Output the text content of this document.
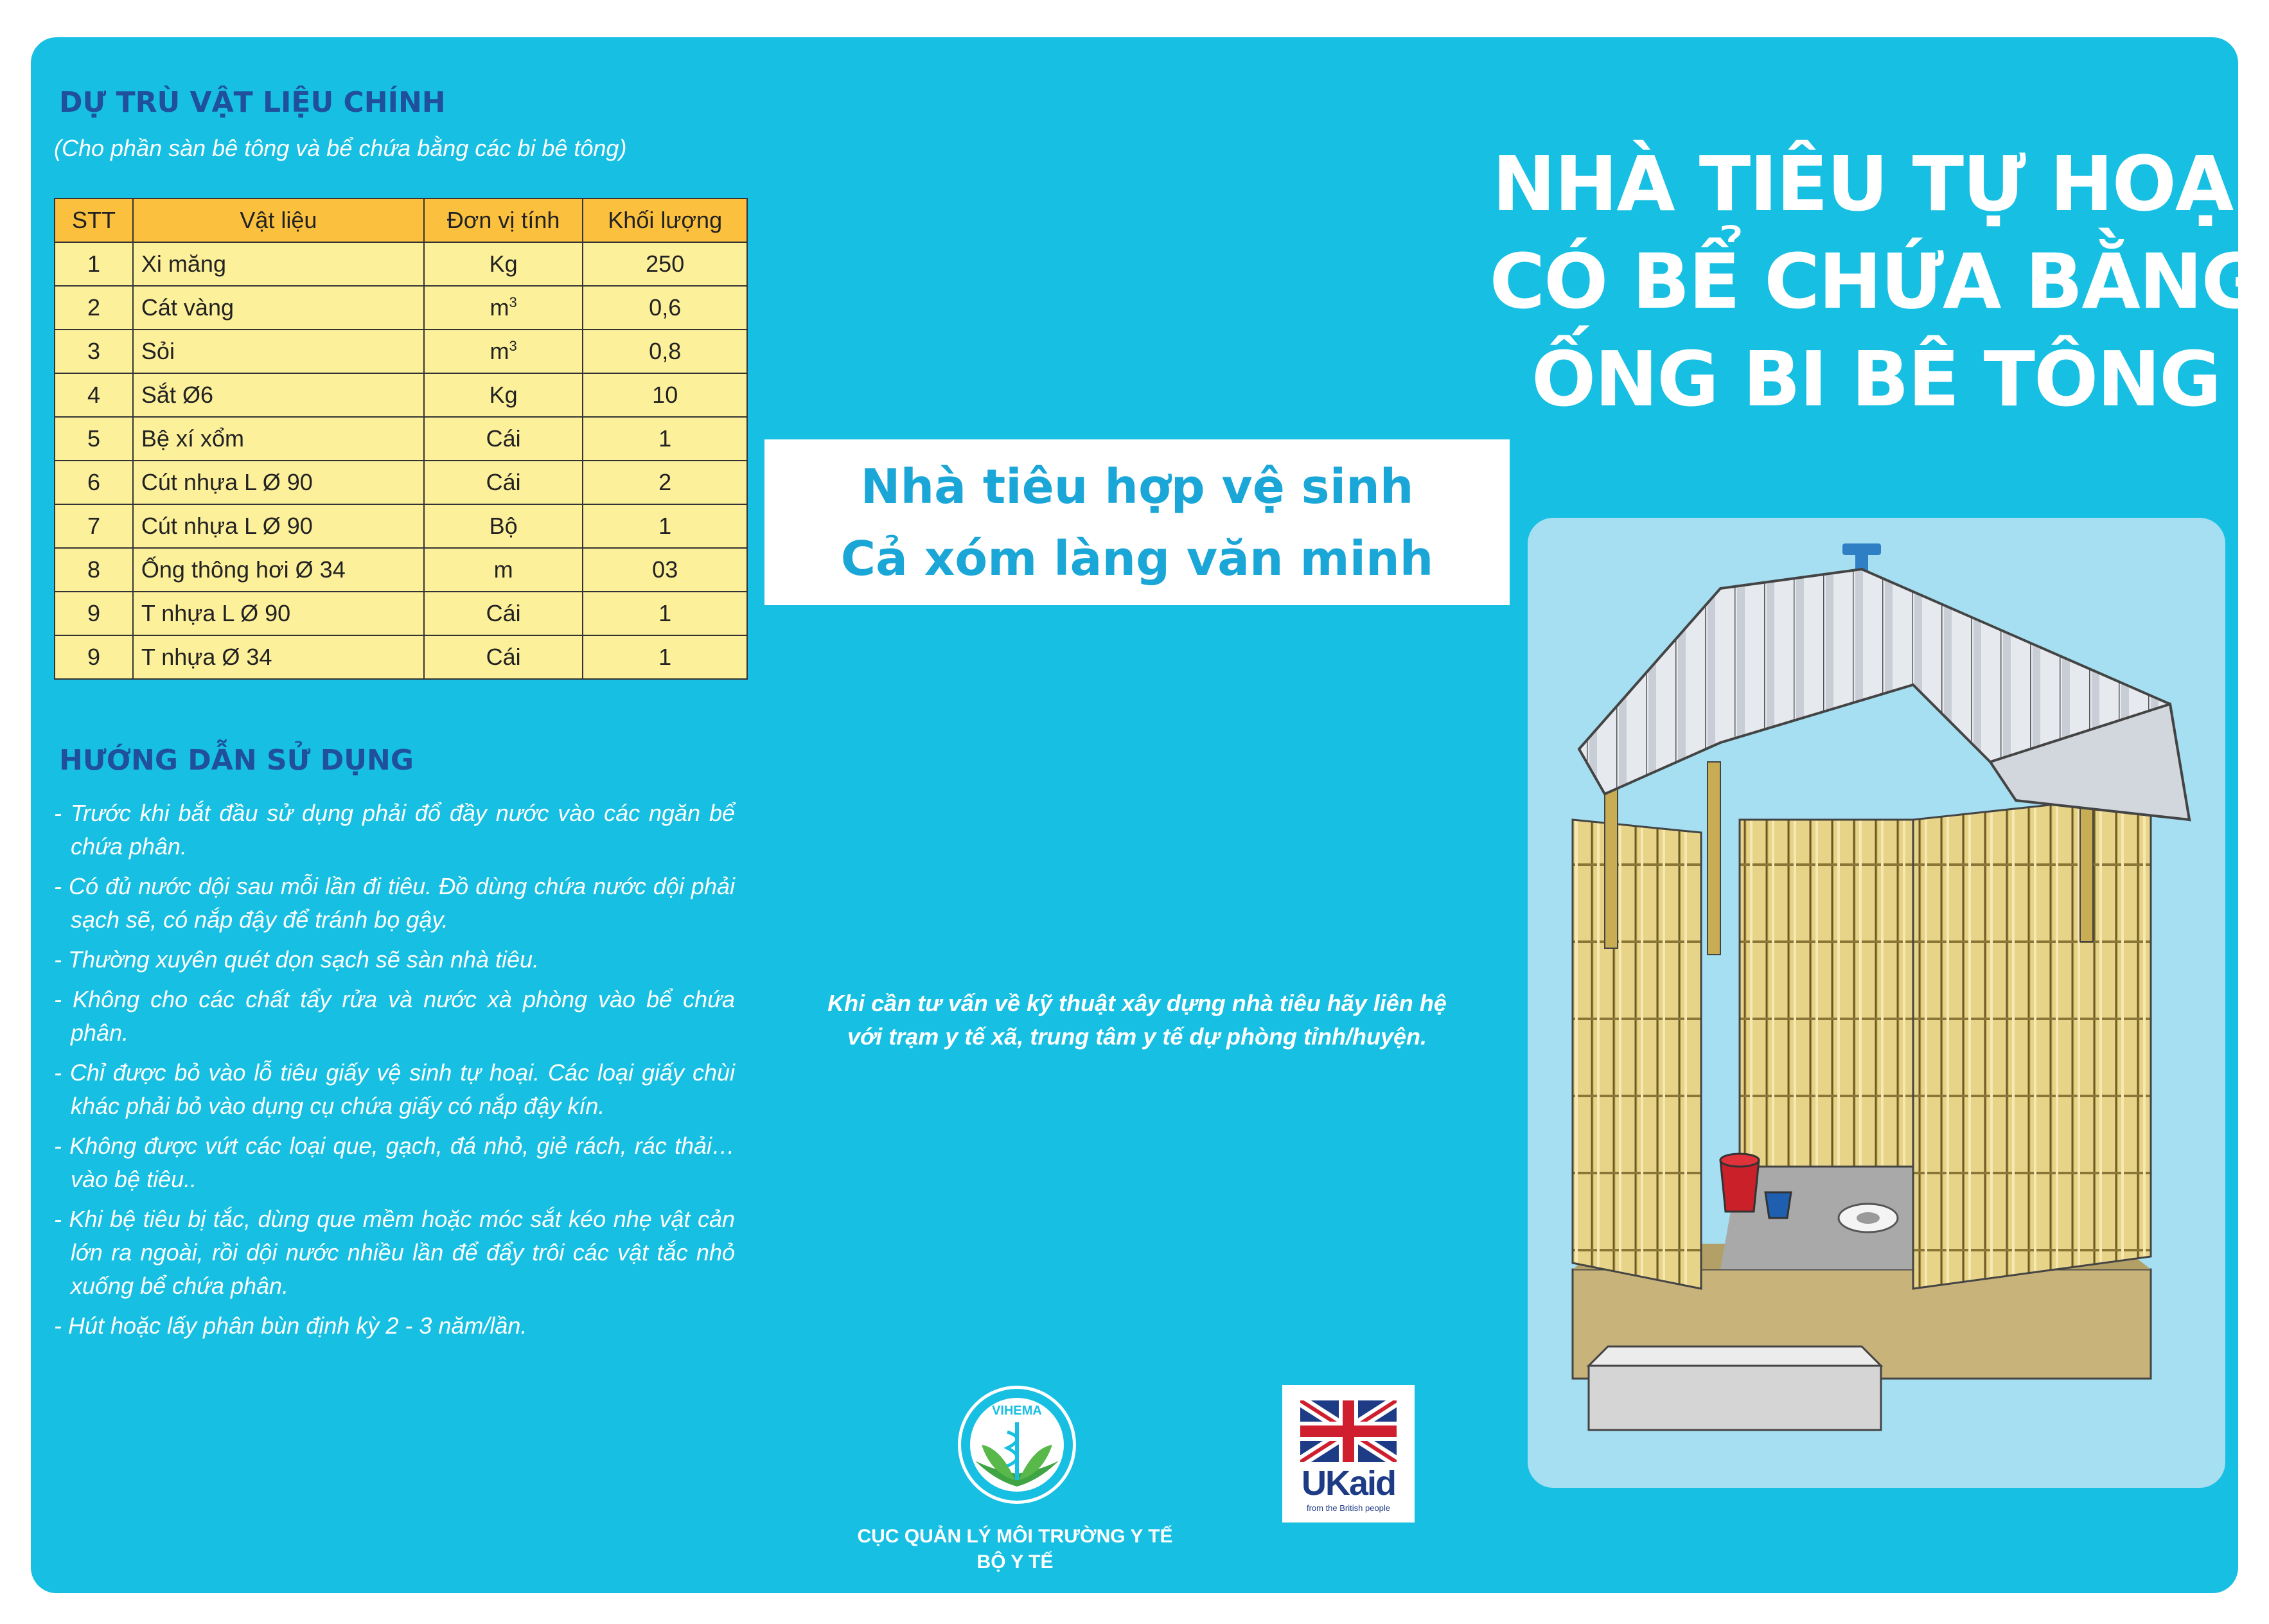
DỰ TRÙ VẬT LIỆU CHÍNH
(Cho phần sàn bê tông và bể chứa bằng các bi bê tông)
STT	Vật liệu	Đơn vị tính	Khối lượng
1	Xi măng	Kg	250
2	Cát vàng	$m^3$	0,6
3	Sỏi	$m^3$	0,8
4	Sắt Ø6	Kg	10
5	Bệ xí xổm	Cái	1
6	Cút nhựa L Ø 90	Cái	2
7	Cút nhựa L Ø 90	Bộ	1
8	Ống thông hơi Ø 34	m	03
9	T nhựa L Ø 90	Cái	1
9	T nhựa Ø 34	Cái	1
HƯỚNG DẪN SỬ DỤNG
- Trước khi bắt đầu sử dụng phải đổ đầy nước vào các ngăn bể chứa phân.
- Có đủ nước dội sau mỗi lần đi tiêu. Đồ dùng chứa nước dội phải sạch sẽ, có nắp đậy để tránh bọ gậy.
- Thường xuyên quét dọn sạch sẽ sàn nhà tiêu.
- Không cho các chất tẩy rửa và nước xà phòng vào bể chứa phân.
- Chỉ được bỏ vào lỗ tiêu giấy vệ sinh tự hoại. Các loại giấy chùi khác phải bỏ vào dụng cụ chứa giấy có nắp đậy kín.
- Không được vứt các loại que, gạch, đá nhỏ, giẻ rách, rác thải… vào bệ tiêu..
- Khi bệ tiêu bị tắc, dùng que mềm hoặc móc sắt kéo nhẹ vật cản lớn ra ngoài, rồi dội nước nhiều lần để đẩy trôi các vật tắc nhỏ xuống bể chứa phân.
- Hút hoặc lấy phân bùn định kỳ 2 - 3 năm/lần.
Nhà tiêu hợp vệ sinh
Cả xóm làng văn minh
Khi cần tư vấn về kỹ thuật xây dựng nhà tiêu hãy liên hệ
với trạm y tế xã, trung tâm y tế dự phòng tỉnh/huyện.
VIHEMA
CỤC QUẢN LÝ MÔI TRƯỜNG Y TẾ
BỘ Y TẾ
UKaid
from the British people
NHÀ TIÊU TỰ HOẠI
CÓ BỂ CHỨA BẰNG
ỐNG BI BÊ TÔNG
